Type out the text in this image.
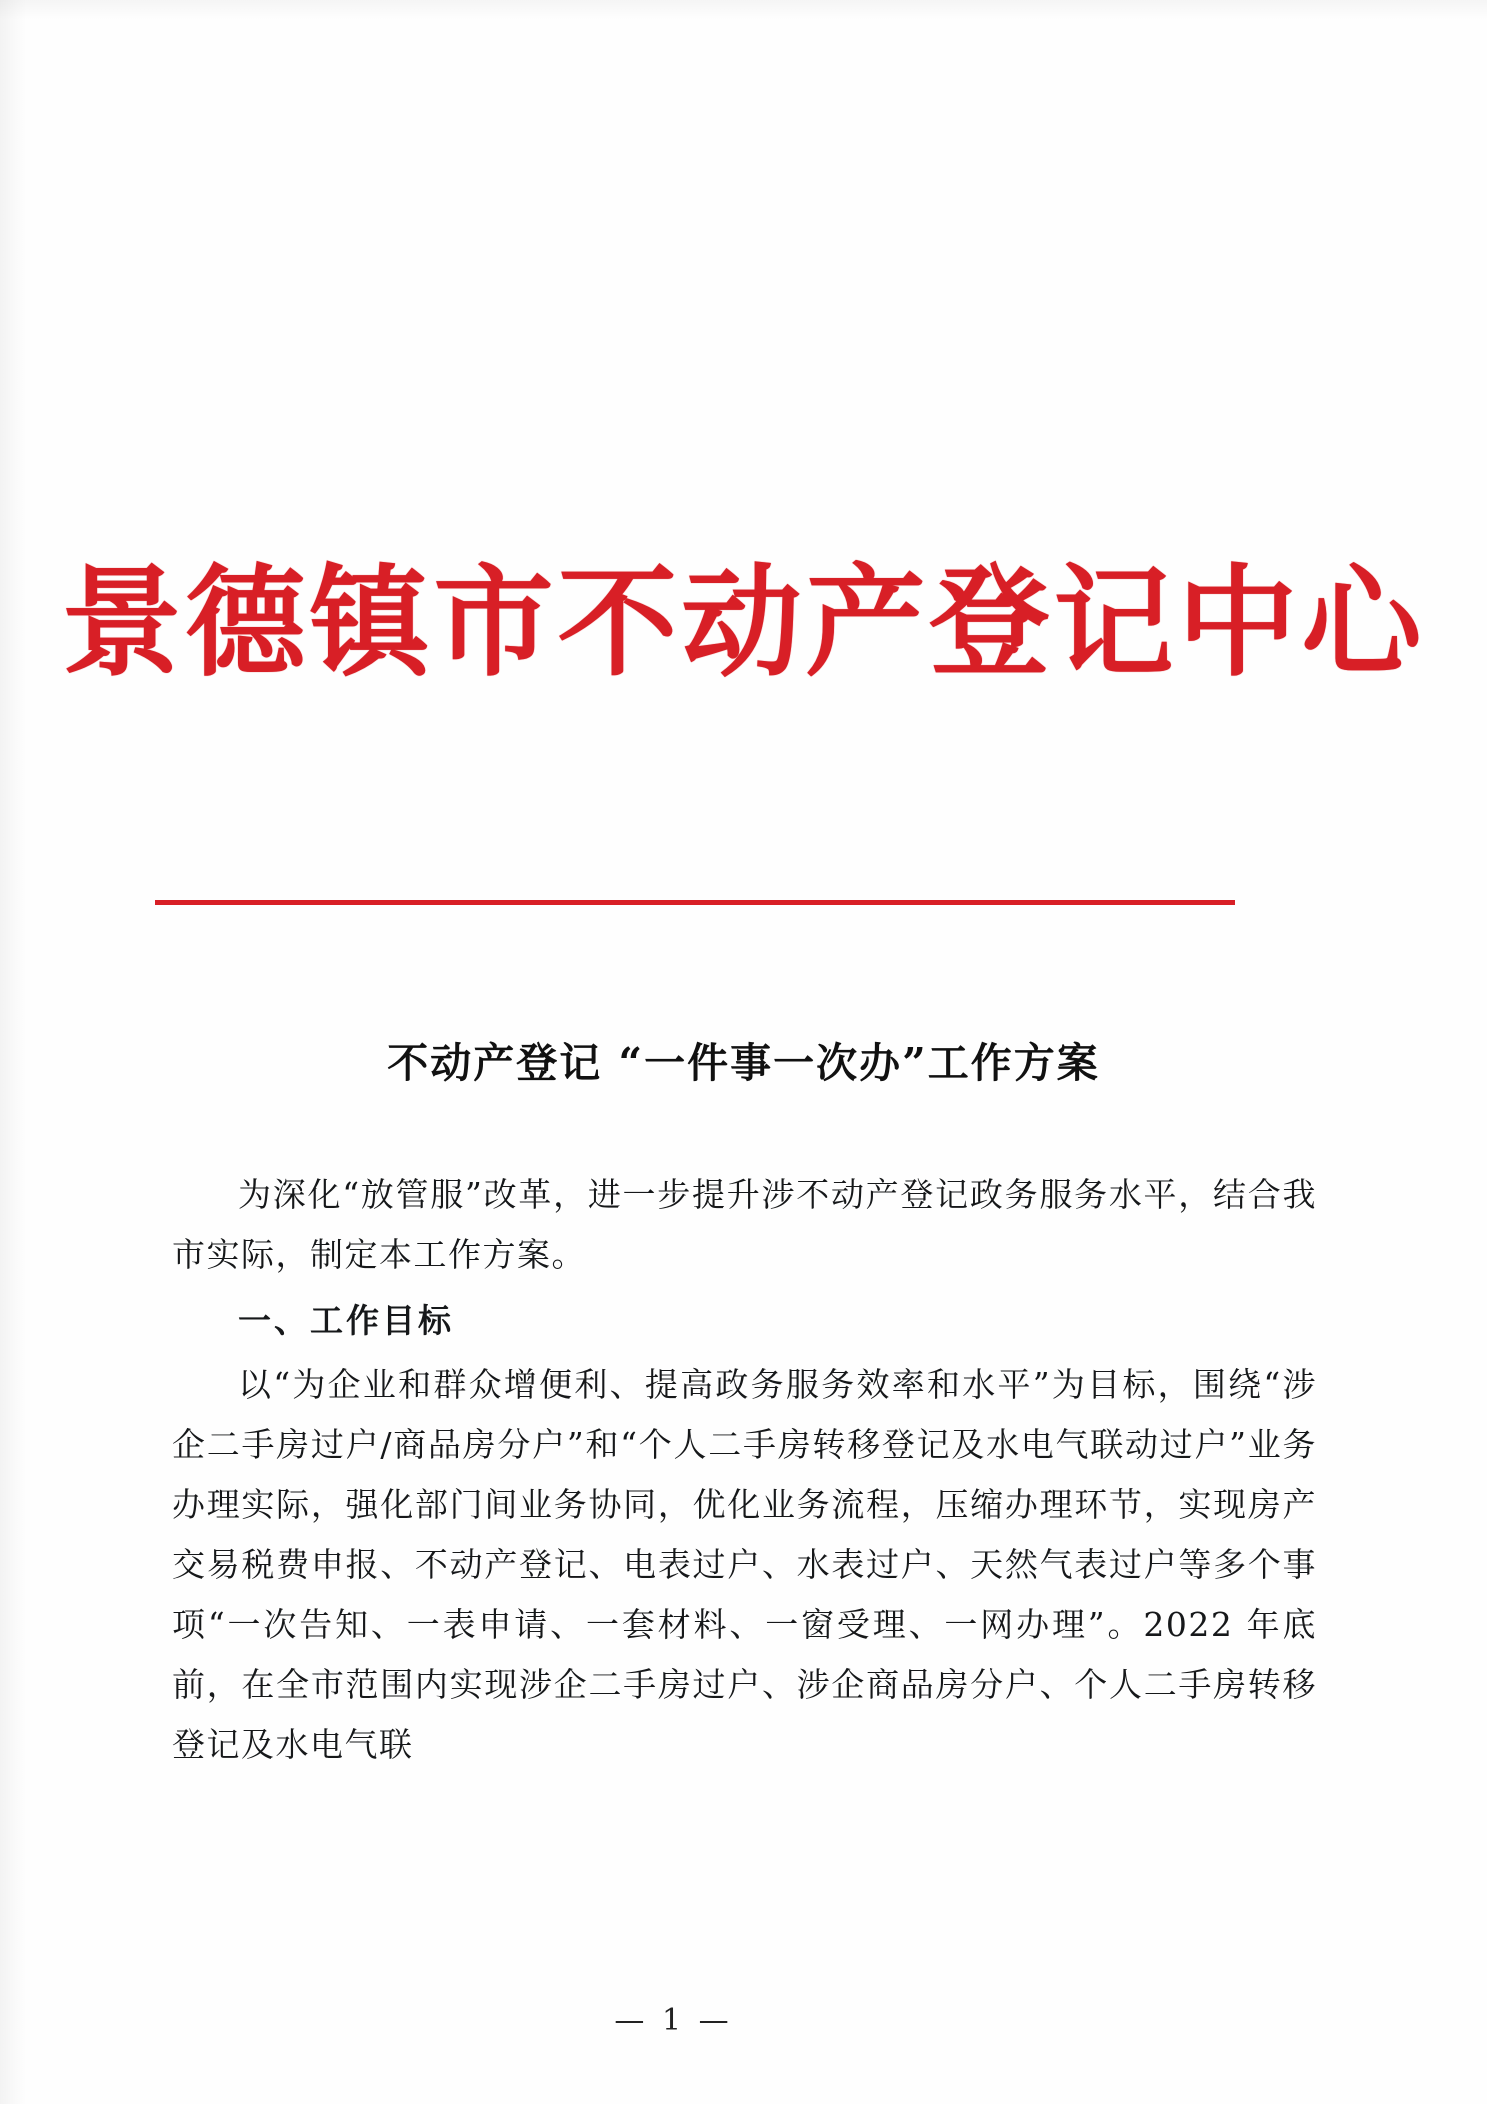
景德镇市不动产登记中心
不动产登记 “一件事一次办”工作方案

为深化“放管服”改革，进一步提升涉不动产登记政务服务水平，结合我市实际，制定本工作方案。

一、工作目标

以“为企业和群众增便利、提高政务服务效率和水平”为目标，围绕“涉企二手房过户/商品房分户”和“个人二手房转移登记及水电气联动过户”业务办理实际，强化部门间业务协同，优化业务流程，压缩办理环节，实现房产交易税费申报、不动产登记、电表过户、水表过户、天然气表过户等多个事项“一次告知、一表申请、一套材料、一窗受理、一网办理”。2022 年底前，在全市范围内实现涉企二手房过户、涉企商品房分户、个人二手房转移登记及水电气联

— 1 —
